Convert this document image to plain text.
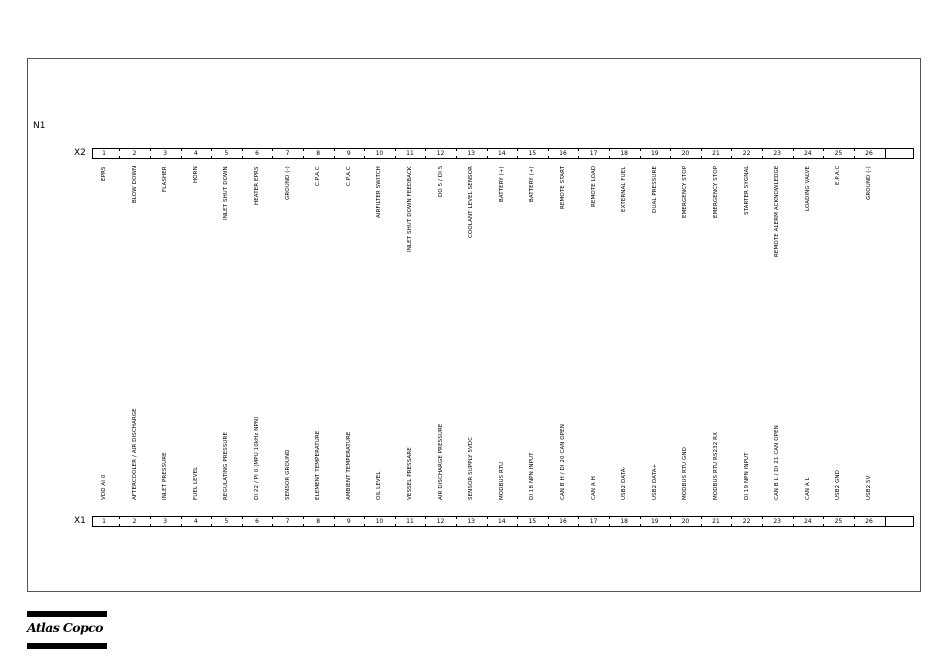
N1
X2	1	2	3	4	5	6	7	8	9	10	11	12	13	14	15	16	17	18	19	20	21	22	23	24	25	26
EPRS	BLOW DOWN	FLASHER	HORN	INLET SHUT DOWN	HEATER EPRS	GROUND (-)	C.P.A.C	C.P.A.C	AIRFILTER SWITCH	INLET SHUT DOWN FEEDBACK	DO 5 / DI 5	COOLANT LEVEL SENSOR	BATTERY (+)	BATTERY (+)	REMOTE START	REMOTE LOAD	EXTERNAL FUEL	DUAL PRESSURE	EMERGENCY STOP	EMERGENCY STOP	STARTER SYGNAL	REMOTE ALERM ACKNOWLEDGE	LOADING VALVE	E.P.A.C	GROUND (-)
X1	1	2	3	4	5	6	7	8	9	10	11	12	13	14	15	16	17	18	19	20	21	22	23	24	25	26
VDD AI 0	AFTERCOOLER / AIR DISCHARGE	INLET PRESSURE	FUEL LEVEL	REGULATING PRESSURE	DI 22 / PI 0 (MPU 10kHz NPN)	SENSOR GROUND	ELEMENT TEMPERATURE	AMBIENT TEMPERATURE	OIL LEVEL	VESSEL PRESSARE	AIR DISCHARGE PRESSURE	SENSOR SUPPLY 5VDC	MODBUS RTU	DI 18 NPN INPUT	CAN B H / DI 20 CAN OPEN	CAN A H	USB2 DATA-	USB2 DATA+	MODBUS RTU GND	MODBUS RTU RS232 RX	DI 19 NPN INPUT	CAN B L / DI 21 CAN OPEN	CAN A L	USB2 GND	USB2 5V
Atlas Copco
